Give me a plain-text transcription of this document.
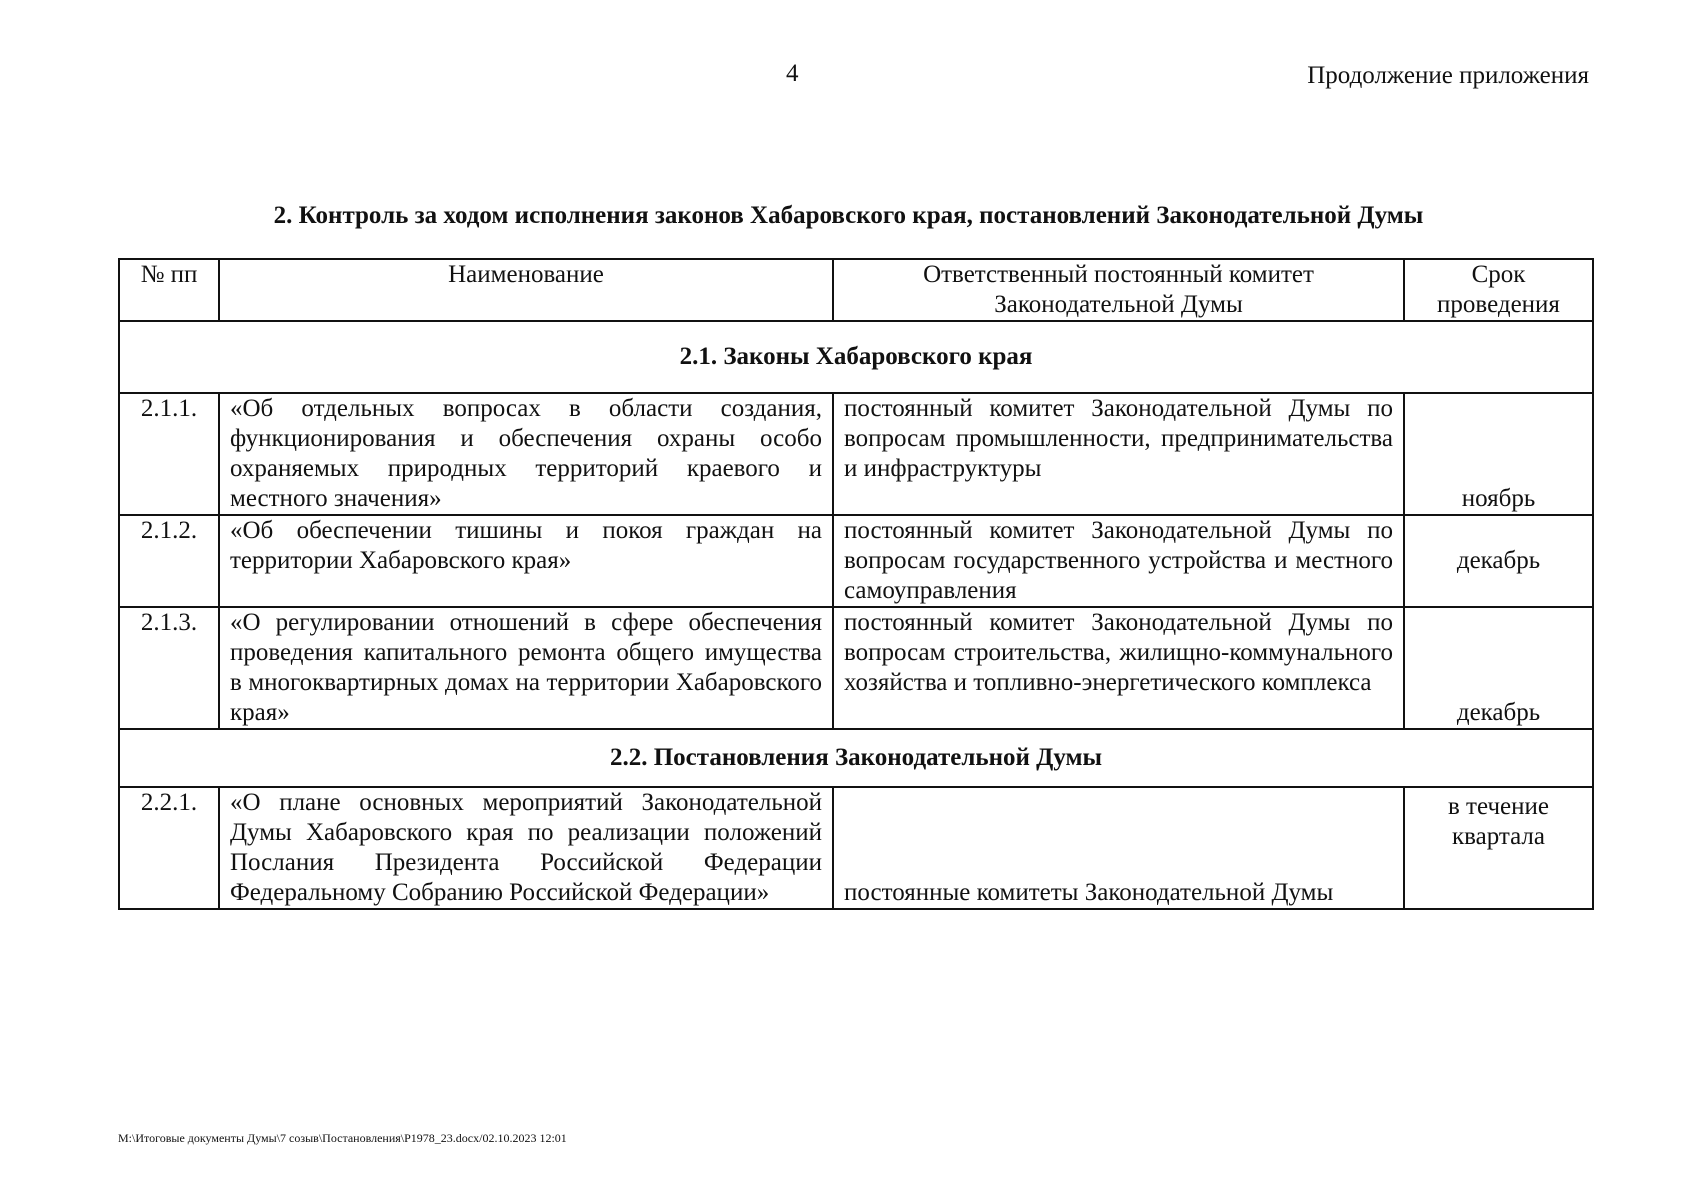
4	Продолжение приложения
2. Контроль за ходом исполнения законов Хабаровского края, постановлений Законодательной Думы
№ пп	Наименование	Ответственный постоянный комитет Законодательной Думы	Срок проведения
2.1. Законы Хабаровского края			
2.1.1.	«Об отдельных вопросах в области создания, функционирования и обеспечения охраны особо охраняемых природных территорий краевого и местного значения»	постоянный комитет Законодательной Думы по вопросам промышленности, предпринимательства и инфраструктуры	ноябрь
2.1.2.	«Об обеспечении тишины и покоя граждан на территории Хабаровского края»	постоянный комитет Законодательной Думы по вопросам государственного устройства и местного самоуправления	декабрь
2.1.3.	«О регулировании отношений в сфере обеспечения проведения капитального ремонта общего имущества в многоквартирных домах на территории Хабаровского края»	постоянный комитет Законодательной Думы по вопросам строительства, жилищно-коммунального хозяйства и топливно-энергетического комплекса	декабрь
2.2. Постановления Законодательной Думы			
2.2.1.	«О плане основных мероприятий Законодательной Думы Хабаровского края по реализации положений Послания Президента Российской Федерации Федеральному Собранию Российской Федерации»	постоянные комитеты Законодательной Думы	в течение квартала
M:\Итоговые документы Думы\7 созыв\Постановления\Р1978_23.docx/02.10.2023 12:01
